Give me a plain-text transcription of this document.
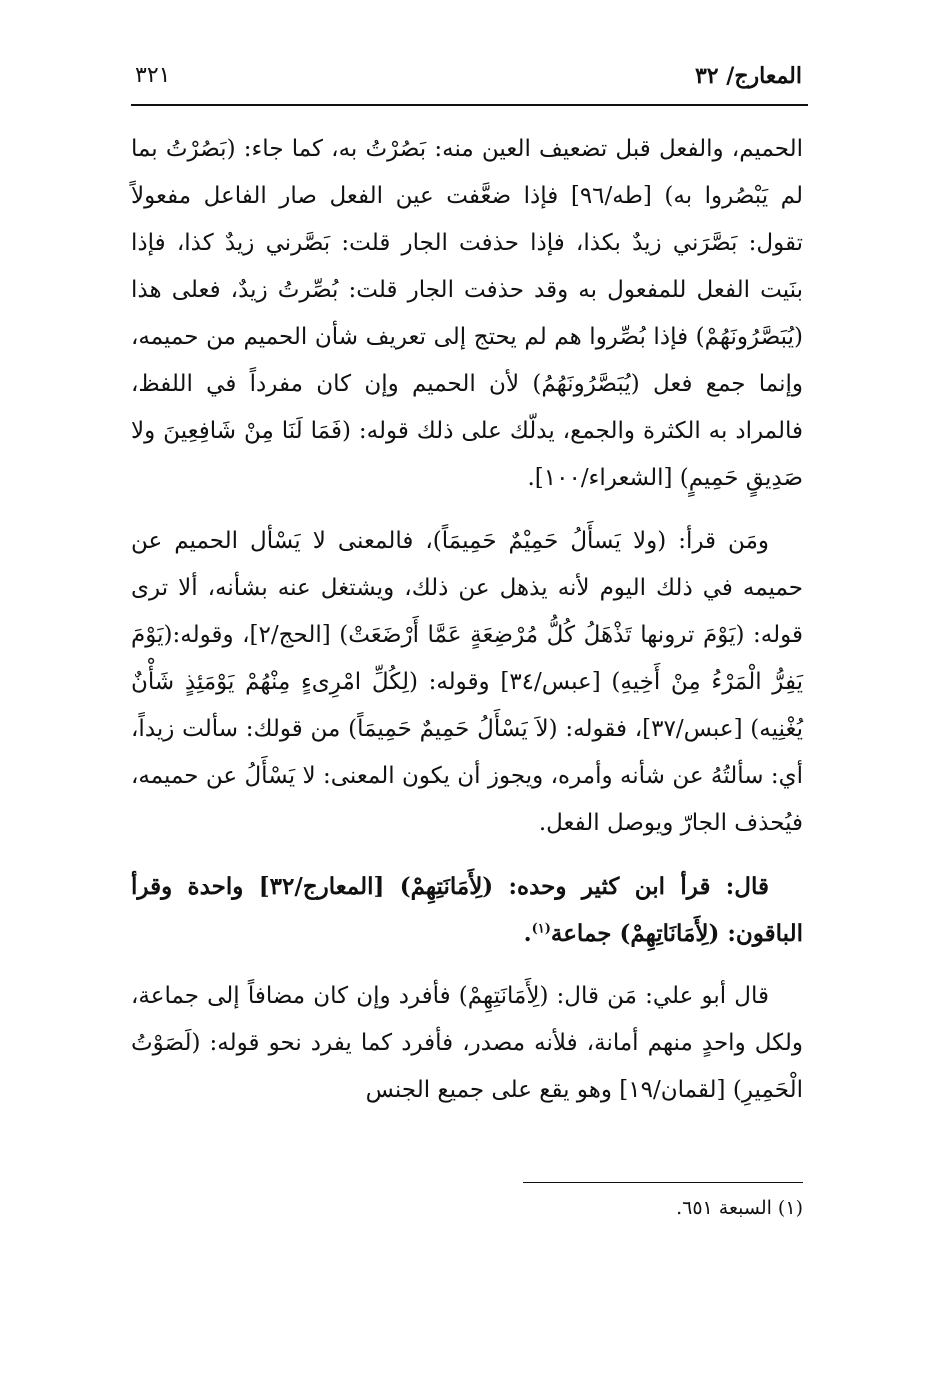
المعارج/ ٣٢
٣٢١

الحميم، والفعل قبل تضعيف العين منه: بَصُرْتُ به، كما جاء: (بَصُرْتُ بما لم يَبْصُروا به) [طه/٩٦] فإذا ضعَّفت عين الفعل صار الفاعل مفعولاً تقول: بَصَّرَني زيدٌ بكذا، فإذا حذفت الجار قلت: بَصَّرني زيدٌ كذا، فإذا بنَيت الفعل للمفعول به وقد حذفت الجار قلت: بُصِّرتُ زيدٌ، فعلى هذا (يُبَصَّرُونَهُمْ) فإذا بُصِّروا هم لم يحتج إلى تعريف شأن الحميم من حميمه، وإنما جمع فعل (يُبَصَّرُونَهُمُ) لأن الحميم وإن كان مفرداً في اللفظ، فالمراد به الكثرة والجمع، يدلّك على ذلك قوله: (فَمَا لَنَا مِنْ شَافِعِينَ ولا صَدِيقٍ حَمِيمٍ) [الشعراء/١٠٠].

ومَن قرأ: (ولا يَسأَلُ حَمِيْمٌ حَمِيمَاً)، فالمعنى لا يَسْأل الحميم عن حميمه في ذلك اليوم لأنه يذهل عن ذلك، ويشتغل عنه بشأنه، ألا ترى قوله: (يَوْمَ ترونها تَذْهَلُ كُلُّ مُرْضِعَةٍ عَمَّا أَرْضَعَتْ) [الحج/٢]، وقوله:(يَوْمَ يَفِرُّ الْمَرْءُ مِنْ أَخِيهِ) [عبس/٣٤] وقوله: (لِكُلِّ امْرِىءٍ مِنْهُمْ يَوْمَئِذٍ شَأْنٌ يُغْنِيه) [عبس/٣٧]، فقوله: (لاَ يَسْأَلُ حَمِيمٌ حَمِيمَاً) من قولك: سألت زيداً، أي: سألتُهُ عن شأنه وأمره، ويجوز أن يكون المعنى: لا يَسْأَلُ عن حميمه، فيُحذف الجارّ ويوصل الفعل.

قال: قرأ ابن كثير وحده: (لِأَمَانَتِهِمْ) [المعارج/٣٢] واحدة وقرأ الباقون: (لِأَمَانَاتِهِمْ) جماعة$^{(١)}$.

قال أبو علي: مَن قال: (لِأَمَانَتِهِمْ) فأفرد وإن كان مضافاً إلى جماعة، ولكل واحدٍ منهم أمانة، فلأنه مصدر، فأفرد كما يفرد نحو قوله: (لَصَوْتُ الْحَمِيرِ) [لقمان/١٩] وهو يقع على جميع الجنس

(١) السبعة ٦٥١.
